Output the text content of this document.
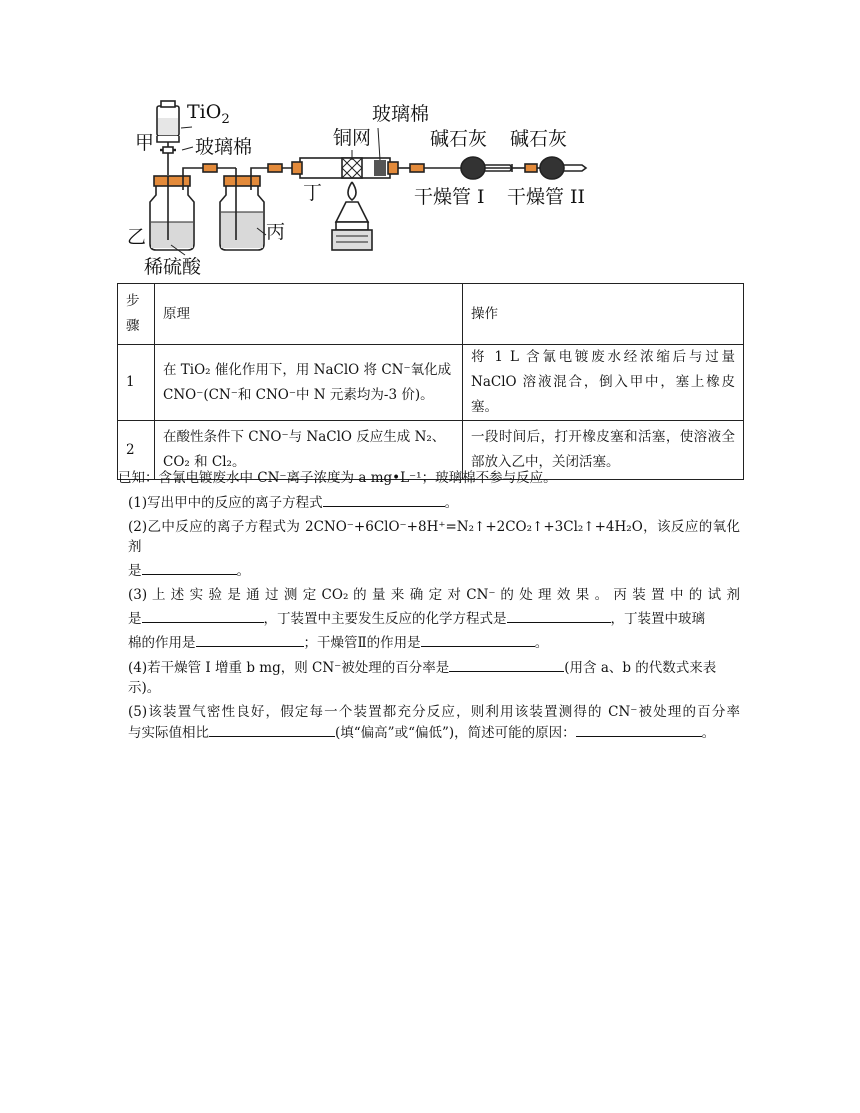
甲
TiO$_2$
玻璃棉
乙
稀硫酸
丙
丁
铜网
玻璃棉
碱石灰 碱石灰
干燥管 I 干燥管 II
步骤	原理	操作
1	在 TiO₂ 催化作用下，用 NaClO 将 CN⁻氧化成 CNO⁻(CN⁻和 CNO⁻中 N 元素均为-3 价)。	将 1 L 含氰电镀废水经浓缩后与过量 NaClO 溶液混合，倒入甲中，塞上橡皮塞。
2	在酸性条件下 CNO⁻与 NaClO 反应生成 N₂、CO₂ 和 Cl₂。	一段时间后，打开橡皮塞和活塞，使溶液全部放入乙中，关闭活塞。

已知：含氰电镀废水中 CN⁻离子浓度为 a mg•L⁻¹；玻璃棉不参与反应。

(1)写出甲中的反应的离子方程式	。

(2)乙中反应的离子方程式为 2CNO⁻+6ClO⁻+8H⁺=N₂↑+2CO₂↑+3Cl₂↑+4H₂O，该反应的氧化剂

是	。

(3) 上 述 实 验 是 通 过 测 定 CO₂ 的 量 来 确 定 对 CN⁻ 的 处 理 效 果 。 丙 装 置 中 的 试 剂

是	，丁装置中主要发生反应的化学方程式是	，丁装置中玻璃

棉的作用是	；干燥管Ⅱ的作用是	。

(4)若干燥管 I 增重 b mg，则 CN⁻被处理的百分率是	(用含 a、b 的代数式来表示)。

(5)该装置气密性良好，假定每一个装置都充分反应，则利用该装置测得的 CN⁻被处理的百分率

与实际值相比	(填“偏高”或“偏低”)，简述可能的原因：	。
